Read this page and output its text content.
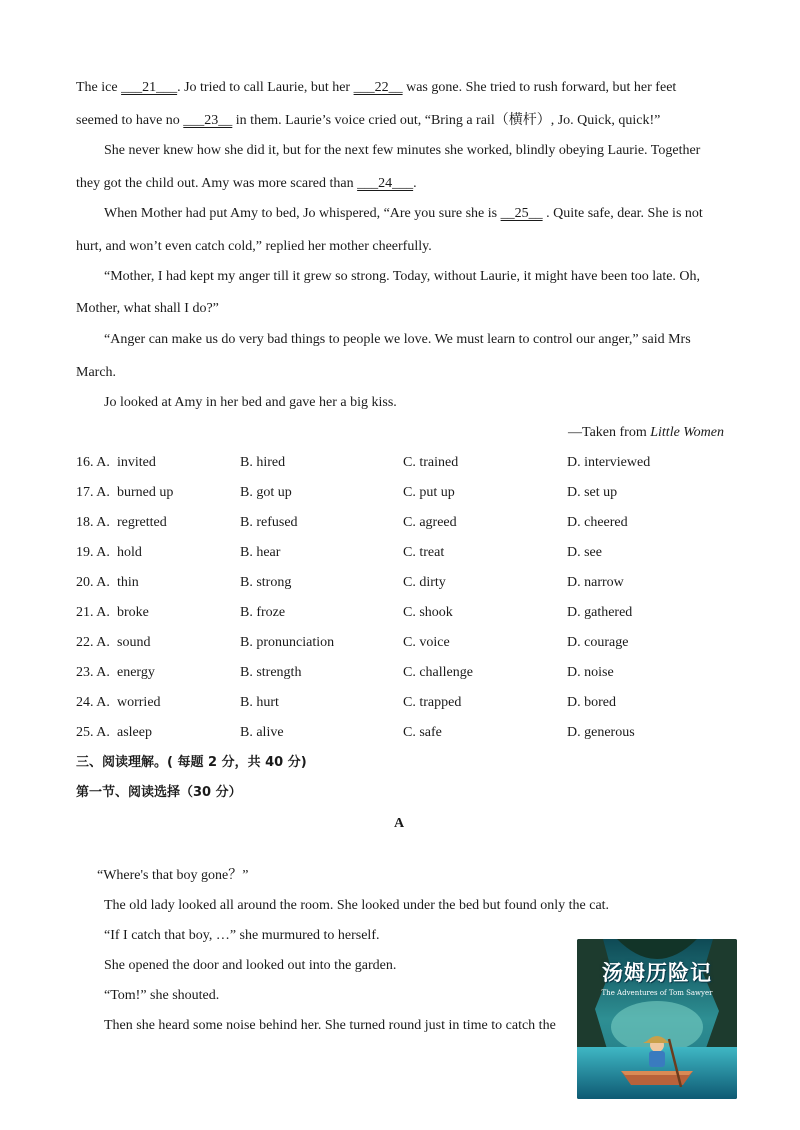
The ice ___21___. Jo tried to call Laurie, but her ___22__ was gone. She tried to rush forward, but her feet
seemed to have no ___23__ in them. Laurie’s voice cried out, “Bring a rail（横杆）, Jo. Quick, quick!”
She never knew how she did it, but for the next few minutes she worked, blindly obeying Laurie. Together
they got the child out. Amy was more scared than ___24___.
When Mother had put Amy to bed, Jo whispered, “Are you sure she is __25__ . Quite safe, dear. She is not
hurt, and won’t even catch cold,” replied her mother cheerfully.
“Mother, I had kept my anger till it grew so strong. Today, without Laurie, it might have been too late. Oh,
Mother, what shall I do?”
“Anger can make us do very bad things to people we love. We must learn to control our anger,” said Mrs
March.
Jo looked at Amy in her bed and gave her a big kiss.
—Taken from Little Women
16. A. invited	B. hired	C. trained	D. interviewed
17. A. burned up	B. got up	C. put up	D. set up
18. A. regretted	B. refused	C. agreed	D. cheered
19. A. hold	B. hear	C. treat	D. see
20. A. thin	B. strong	C. dirty	D. narrow
21. A. broke	B. froze	C. shook	D. gathered
22. A. sound	B. pronunciation	C. voice	D. courage
23. A. energy	B. strength	C. challenge	D. noise
24. A. worried	B. hurt	C. trapped	D. bored
25. A. asleep	B. alive	C. safe	D. generous
三、阅读理解。( 每题 2 分，共 40 分)
第一节、阅读选择（30 分）
A
“Where's that boy gone？”
The old lady looked all around the room. She looked under the bed but found only the cat.
“If I catch that boy, …” she murmured to herself.
She opened the door and looked out into the garden.
“Tom!” she shouted.
Then she heard some noise behind her. She turned round just in time to catch the
汤姆历险记
The Adventures of Tom Sawyer
